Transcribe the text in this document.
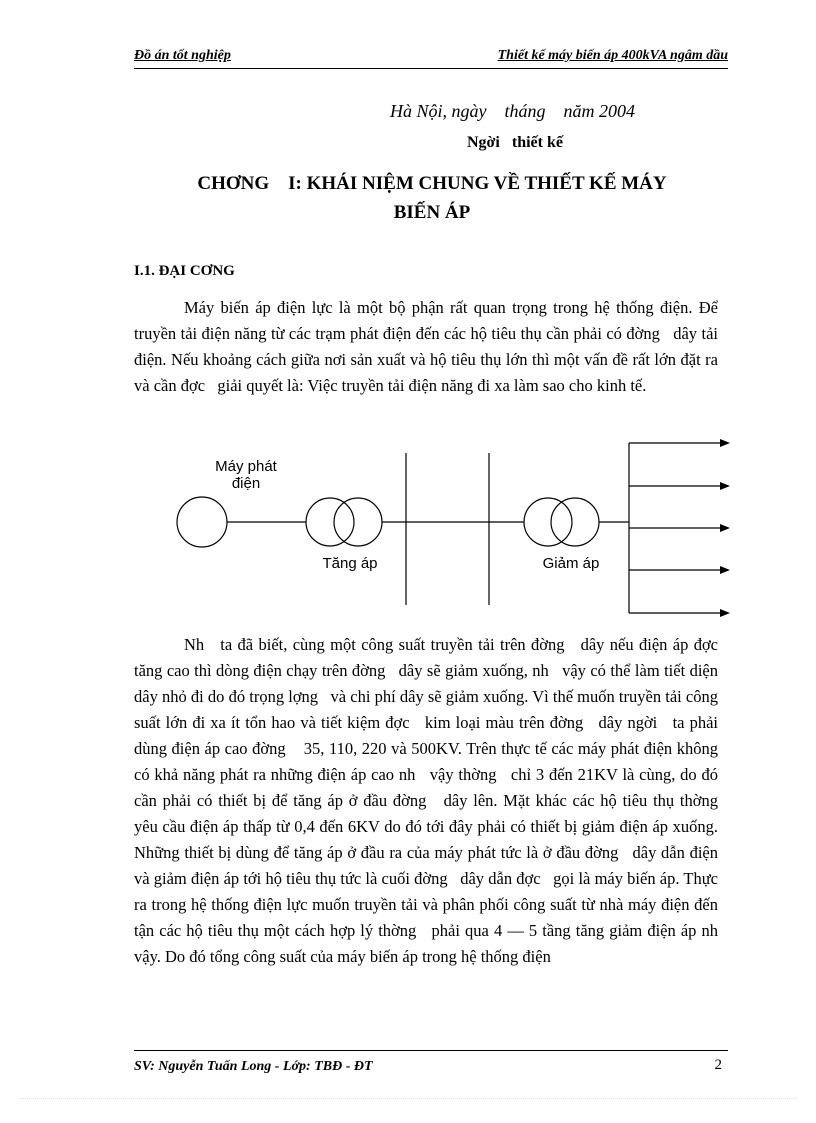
Đồ án tốt nghiệp	Thiết kế máy biến áp 400kVA ngâm dầu
Hà Nội, ngày    tháng    năm 2004
Ngời   thiết kế
CHƠNG    I: KHÁI NIỆM CHUNG VỀ THIẾT KẾ MÁY
BIẾN ÁP
I.1. ĐẠI CƠNG

Máy biến áp điện lực là một bộ phận rất quan trọng trong hệ thống điện. Để truyền tải điện năng từ các trạm phát điện đến các hộ tiêu thụ cần phải có đờng   dây tải điện. Nếu khoảng cách giữa nơi sản xuất và hộ tiêu thụ lớn thì một vấn đề rất lớn đặt ra và cần đợc   giải quyết là: Việc truyền tải điện năng đi xa làm sao cho kinh tế.

Máy phát
điện
Tăng áp	Giảm áp

Nh   ta đã biết, cùng một công suất truyền tải trên đờng   dây nếu điện áp đợc   tăng cao thì dòng điện chạy trên đờng   dây sẽ giảm xuống, nh   vậy có thể làm tiết diện dây nhỏ đi do đó trọng lợng   và chi phí dây sẽ giảm xuống. Vì thế muốn truyền tải công suất lớn đi xa ít tổn hao và tiết kiệm đợc   kim loại màu trên đờng   dây ngời   ta phải dùng điện áp cao đờng    35, 110, 220 và 500KV. Trên thực tế các máy phát điện không có khả năng phát ra những điện áp cao nh   vậy thờng   chỉ 3 đến 21KV là cùng, do đó cần phải có thiết bị để tăng áp ở đầu đờng   dây lên. Mặt khác các hộ tiêu thụ thờng   yêu cầu điện áp thấp từ 0,4 đến 6KV do đó tới đây phải có thiết bị giảm điện áp xuống. Những thiết bị dùng để tăng áp ở đầu ra của máy phát tức là ở đầu đờng   dây dẫn điện và giảm điện áp tới hộ tiêu thụ tức là cuối đờng   dây dẫn đợc   gọi là máy biến áp. Thực ra trong hệ thống điện lực muốn truyền tải và phân phối công suất từ nhà máy điện đến tận các hộ tiêu thụ một cách hợp lý thờng   phải qua 4 — 5 tầng tăng giảm điện áp nh   vậy. Do đó tổng công suất của máy biến áp trong hệ thống điện

SV: Nguyễn Tuấn Long - Lớp: TBĐ - ĐT	2
